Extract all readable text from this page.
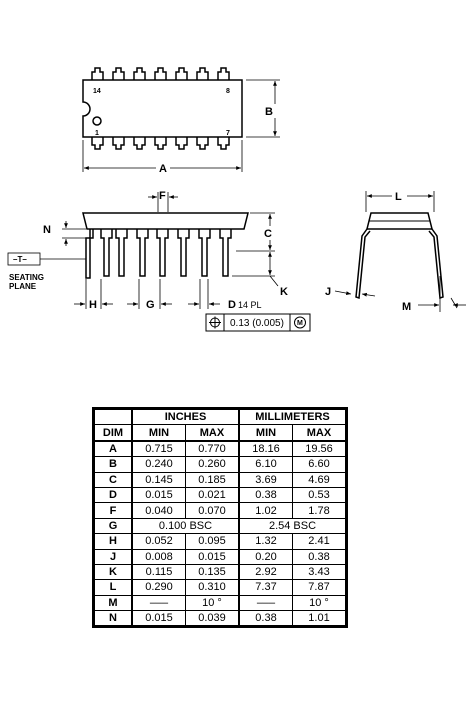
14	8
1	7
A
B
F
N	C
K
–T–
SEATING
PLANE
H	G	D 14 PL
0.13 (0.005) M
L
J
M
	INCHES		MILLIMETERS	
DIM	MIN	MAX	MIN	MAX
A	0.715	0.770	18.16	19.56
B	0.240	0.260	6.10	6.60
C	0.145	0.185	3.69	4.69
D	0.015	0.021	0.38	0.53
F	0.040	0.070	1.02	1.78
G	0.100 BSC		2.54 BSC	
H	0.052	0.095	1.32	2.41
J	0.008	0.015	0.20	0.38
K	0.115	0.135	2.92	3.43
L	0.290	0.310	7.37	7.87
M	–––	10 °	–––	10 °
N	0.015	0.039	0.38	1.01
